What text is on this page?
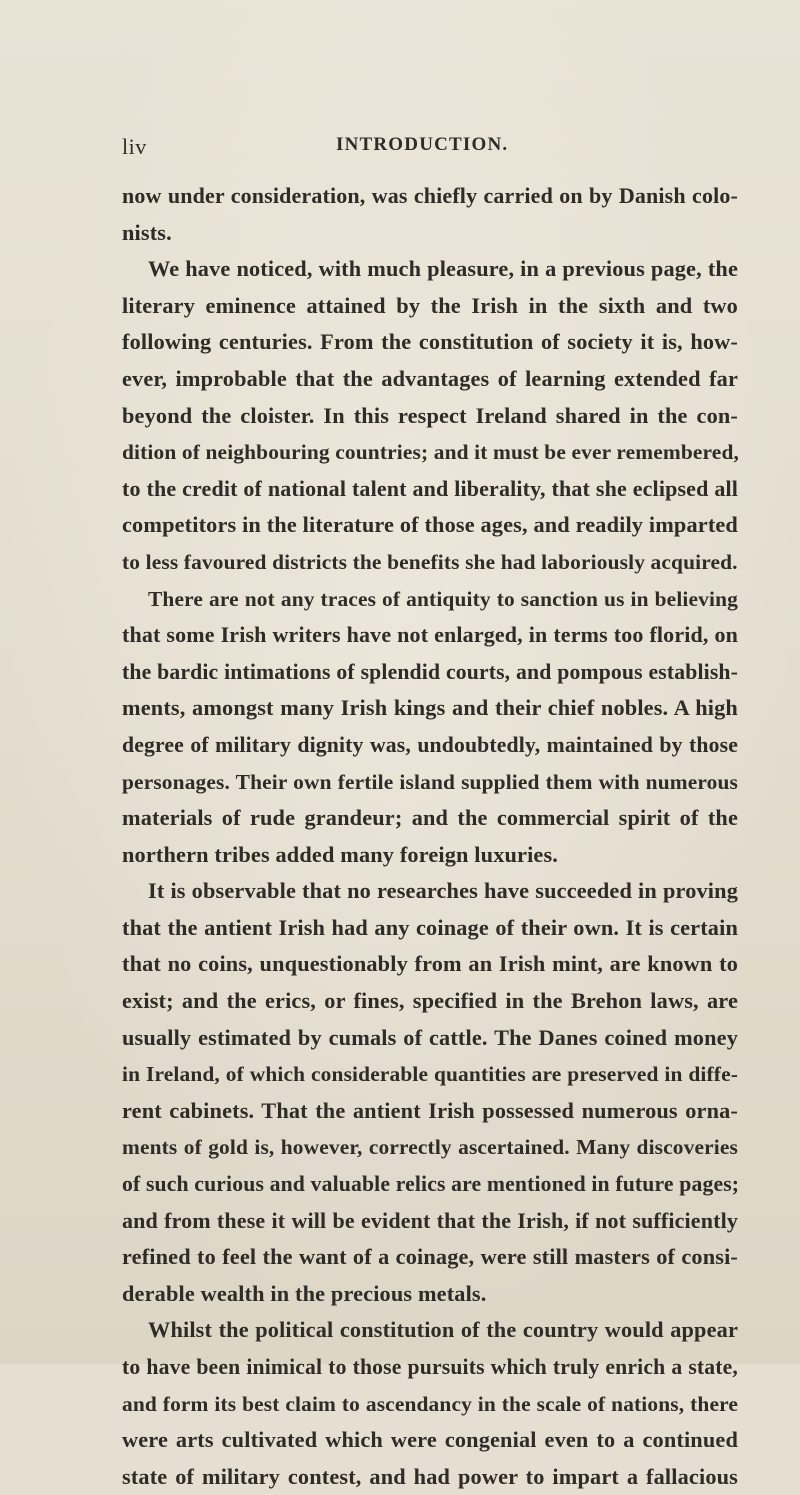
liv	INTRODUCTION.
now under consideration, was chiefly carried on by Danish colo-
nists.
We have noticed, with much pleasure, in a previous page, the
literary eminence attained by the Irish in the sixth and two
following centuries. From the constitution of society it is, how-
ever, improbable that the advantages of learning extended far
beyond the cloister. In this respect Ireland shared in the con-
dition of neighbouring countries; and it must be ever remembered,
to the credit of national talent and liberality, that she eclipsed all
competitors in the literature of those ages, and readily imparted
to less favoured districts the benefits she had laboriously acquired.
There are not any traces of antiquity to sanction us in believing
that some Irish writers have not enlarged, in terms too florid, on
the bardic intimations of splendid courts, and pompous establish-
ments, amongst many Irish kings and their chief nobles. A high
degree of military dignity was, undoubtedly, maintained by those
personages. Their own fertile island supplied them with numerous
materials of rude grandeur; and the commercial spirit of the
northern tribes added many foreign luxuries.
It is observable that no researches have succeeded in proving
that the antient Irish had any coinage of their own. It is certain
that no coins, unquestionably from an Irish mint, are known to
exist; and the erics, or fines, specified in the Brehon laws, are
usually estimated by cumals of cattle. The Danes coined money
in Ireland, of which considerable quantities are preserved in diffe-
rent cabinets. That the antient Irish possessed numerous orna-
ments of gold is, however, correctly ascertained. Many discoveries
of such curious and valuable relics are mentioned in future pages;
and from these it will be evident that the Irish, if not sufficiently
refined to feel the want of a coinage, were still masters of consi-
derable wealth in the precious metals.
Whilst the political constitution of the country would appear
to have been inimical to those pursuits which truly enrich a state,
and form its best claim to ascendancy in the scale of nations, there
were arts cultivated which were congenial even to a continued
state of military contest, and had power to impart a fallacious
